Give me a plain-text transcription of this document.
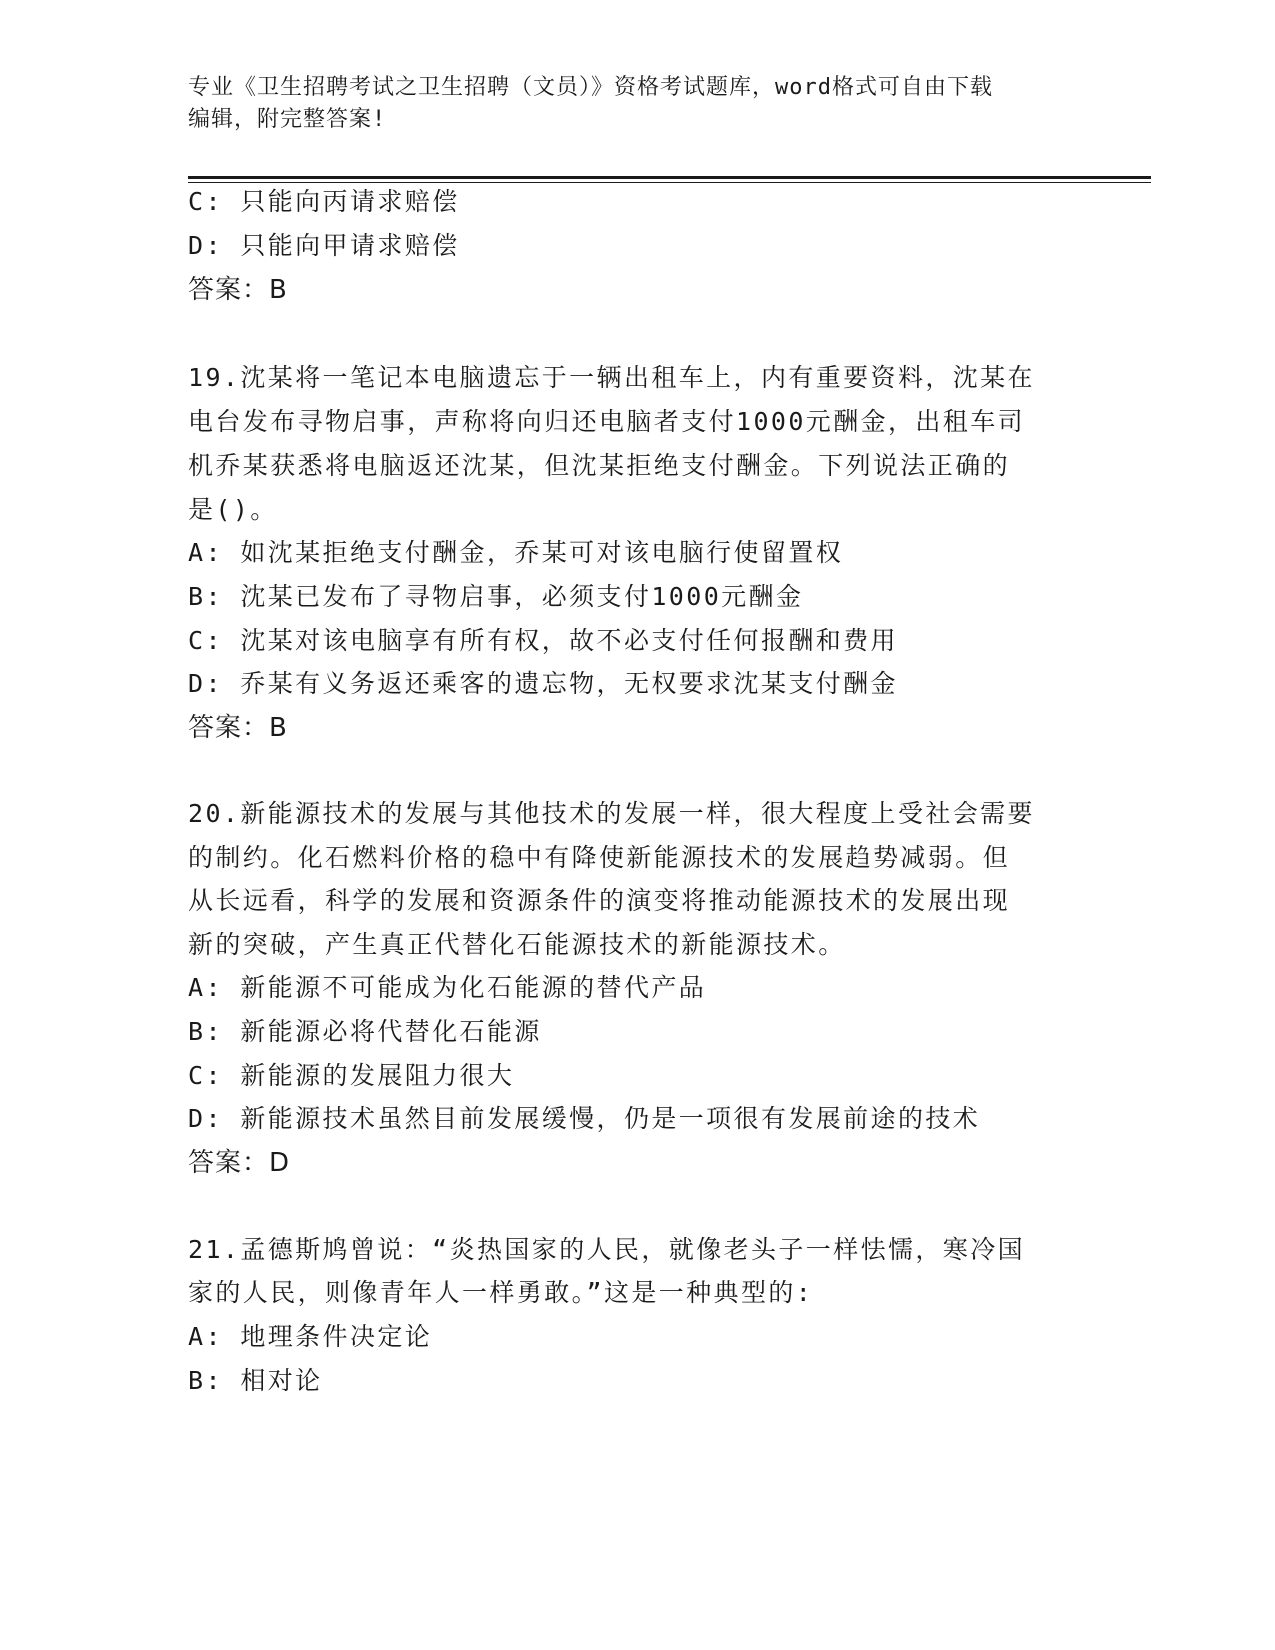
专业《卫生招聘考试之卫生招聘（文员）》资格考试题库，word格式可自由下载
编辑，附完整答案!
C: 只能向丙请求赔偿
D: 只能向甲请求赔偿
答案：B
19.沈某将一笔记本电脑遗忘于一辆出租车上，内有重要资料，沈某在
电台发布寻物启事，声称将向归还电脑者支付1000元酬金，出租车司
机乔某获悉将电脑返还沈某，但沈某拒绝支付酬金。下列说法正确的
是()。
A: 如沈某拒绝支付酬金，乔某可对该电脑行使留置权
B: 沈某已发布了寻物启事，必须支付1000元酬金
C: 沈某对该电脑享有所有权，故不必支付任何报酬和费用
D: 乔某有义务返还乘客的遗忘物，无权要求沈某支付酬金
答案：B
20.新能源技术的发展与其他技术的发展一样，很大程度上受社会需要
的制约。化石燃料价格的稳中有降使新能源技术的发展趋势减弱。但
从长远看，科学的发展和资源条件的演变将推动能源技术的发展出现
新的突破，产生真正代替化石能源技术的新能源技术。
A: 新能源不可能成为化石能源的替代产品
B: 新能源必将代替化石能源
C: 新能源的发展阻力很大
D: 新能源技术虽然目前发展缓慢，仍是一项很有发展前途的技术
答案：D
21.孟德斯鸠曾说：“炎热国家的人民，就像老头子一样怯懦，寒冷国
家的人民，则像青年人一样勇敢。”这是一种典型的:
A: 地理条件决定论
B: 相对论
